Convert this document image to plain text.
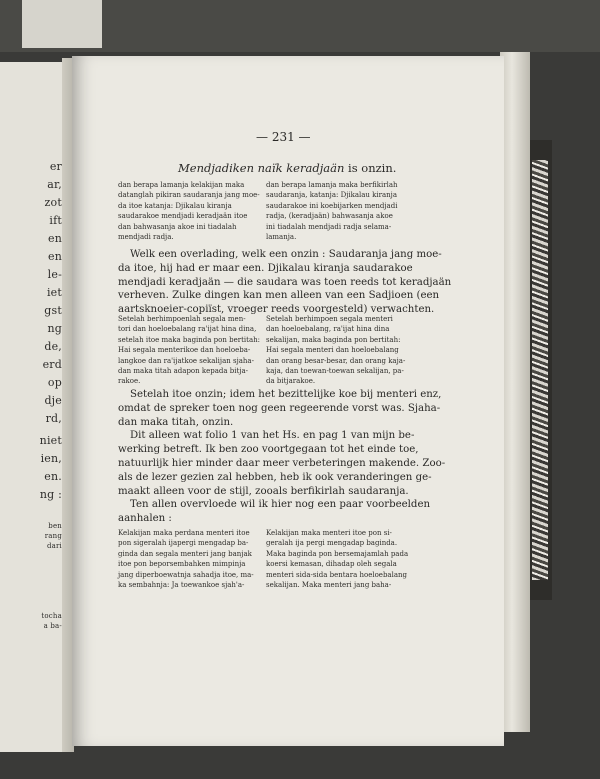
er
ar,
zot
ift
en
en
le-
iet
gst
ng
de,
erd
op
dje
rd,
niet
ien,
en.
ng :
ben
rang
dari
tocha
a ba-
— 231 —
Mendjadiken naïk keradjaän is onzin.
dan berapa lamanja kelakijan maka
datanglah pikiran saudaranja jang moe-
da itoe katanja: Djikalau kiranja
saudarakoe mendjadi keradjaän itoe
dan bahwasanja akoe ini tiadalah
mendjadi radja.
dan berapa lamanja maka berfikirlah
saudaranja, katanja: Djikalau kiranja
saudarakoe ini koebijarken mendjadi
radja, (keradjaän) bahwasanja akoe
ini tiadalah mendjadi radja selama-
lamanja.
Welk een overlading, welk een onzin : Saudaranja jang moe-
da itoe, hij had er maar een. Djikalau kiranja saudarakoe
mendjadi keradjaän — die saudara was toen reeds tot keradjaän
verheven. Zulke dingen kan men alleen van een Sadjioen (een
aartsknoeier-copiïst, vroeger reeds voorgesteld) verwachten.
Setelah berhimpoenlah segala men-
tori dan hoeloebalang ra'ijat hina dina,
setelah itoe maka baginda pon bertitah:
Hai segala menterikoe dan hoeloeba-
langkoe dan ra'ijatkoe sekalijan sjaha-
dan maka titah adapon kepada bitja-
rakoe.
Setelah berhimpoen segala menteri
dan hoeloebalang, ra'ijat hina dina
sekalijan, maka baginda pon bertitah:
Hai segala menteri dan hoeloebalang
dan orang besar-besar, dan orang kaja-
kaja, dan toewan-toewan sekalijan, pa-
da bitjarakoe.
Setelah itoe onzin; idem het bezittelijke koe bij menteri enz,
omdat de spreker toen nog geen regeerende vorst was. Sjaha-
dan maka titah, onzin.
Dit alleen wat folio 1 van het Hs. en pag 1 van mijn be-
werking betreft. Ik ben zoo voortgegaan tot het einde toe,
natuurlijk hier minder daar meer verbeteringen makende. Zoo-
als de lezer gezien zal hebben, heb ik ook veranderingen ge-
maakt alleen voor de stijl, zooals berfikirlah saudaranja.
Ten allen overvloede wil ik hier nog een paar voorbeelden
aanhalen :
Kelakijan maka perdana menteri itoe
pon sigeralah ijapergi mengadap ba-
ginda dan segala menteri jang banjak
itoe pon beporsembahken mimpinja
jang diperboewatnja sahadja itoe, ma-
ka sembahnja: Ja toewankoe sjah'a-
Kelakijan maka menteri itoe pon si-
geralah ija pergi mengadap baginda.
Maka baginda pon bersemajamlah pada
koersi kemasan, dihadap oleh segala
menteri sida-sida bentara hoeloebalang
sekalijan. Maka menteri jang baha-
